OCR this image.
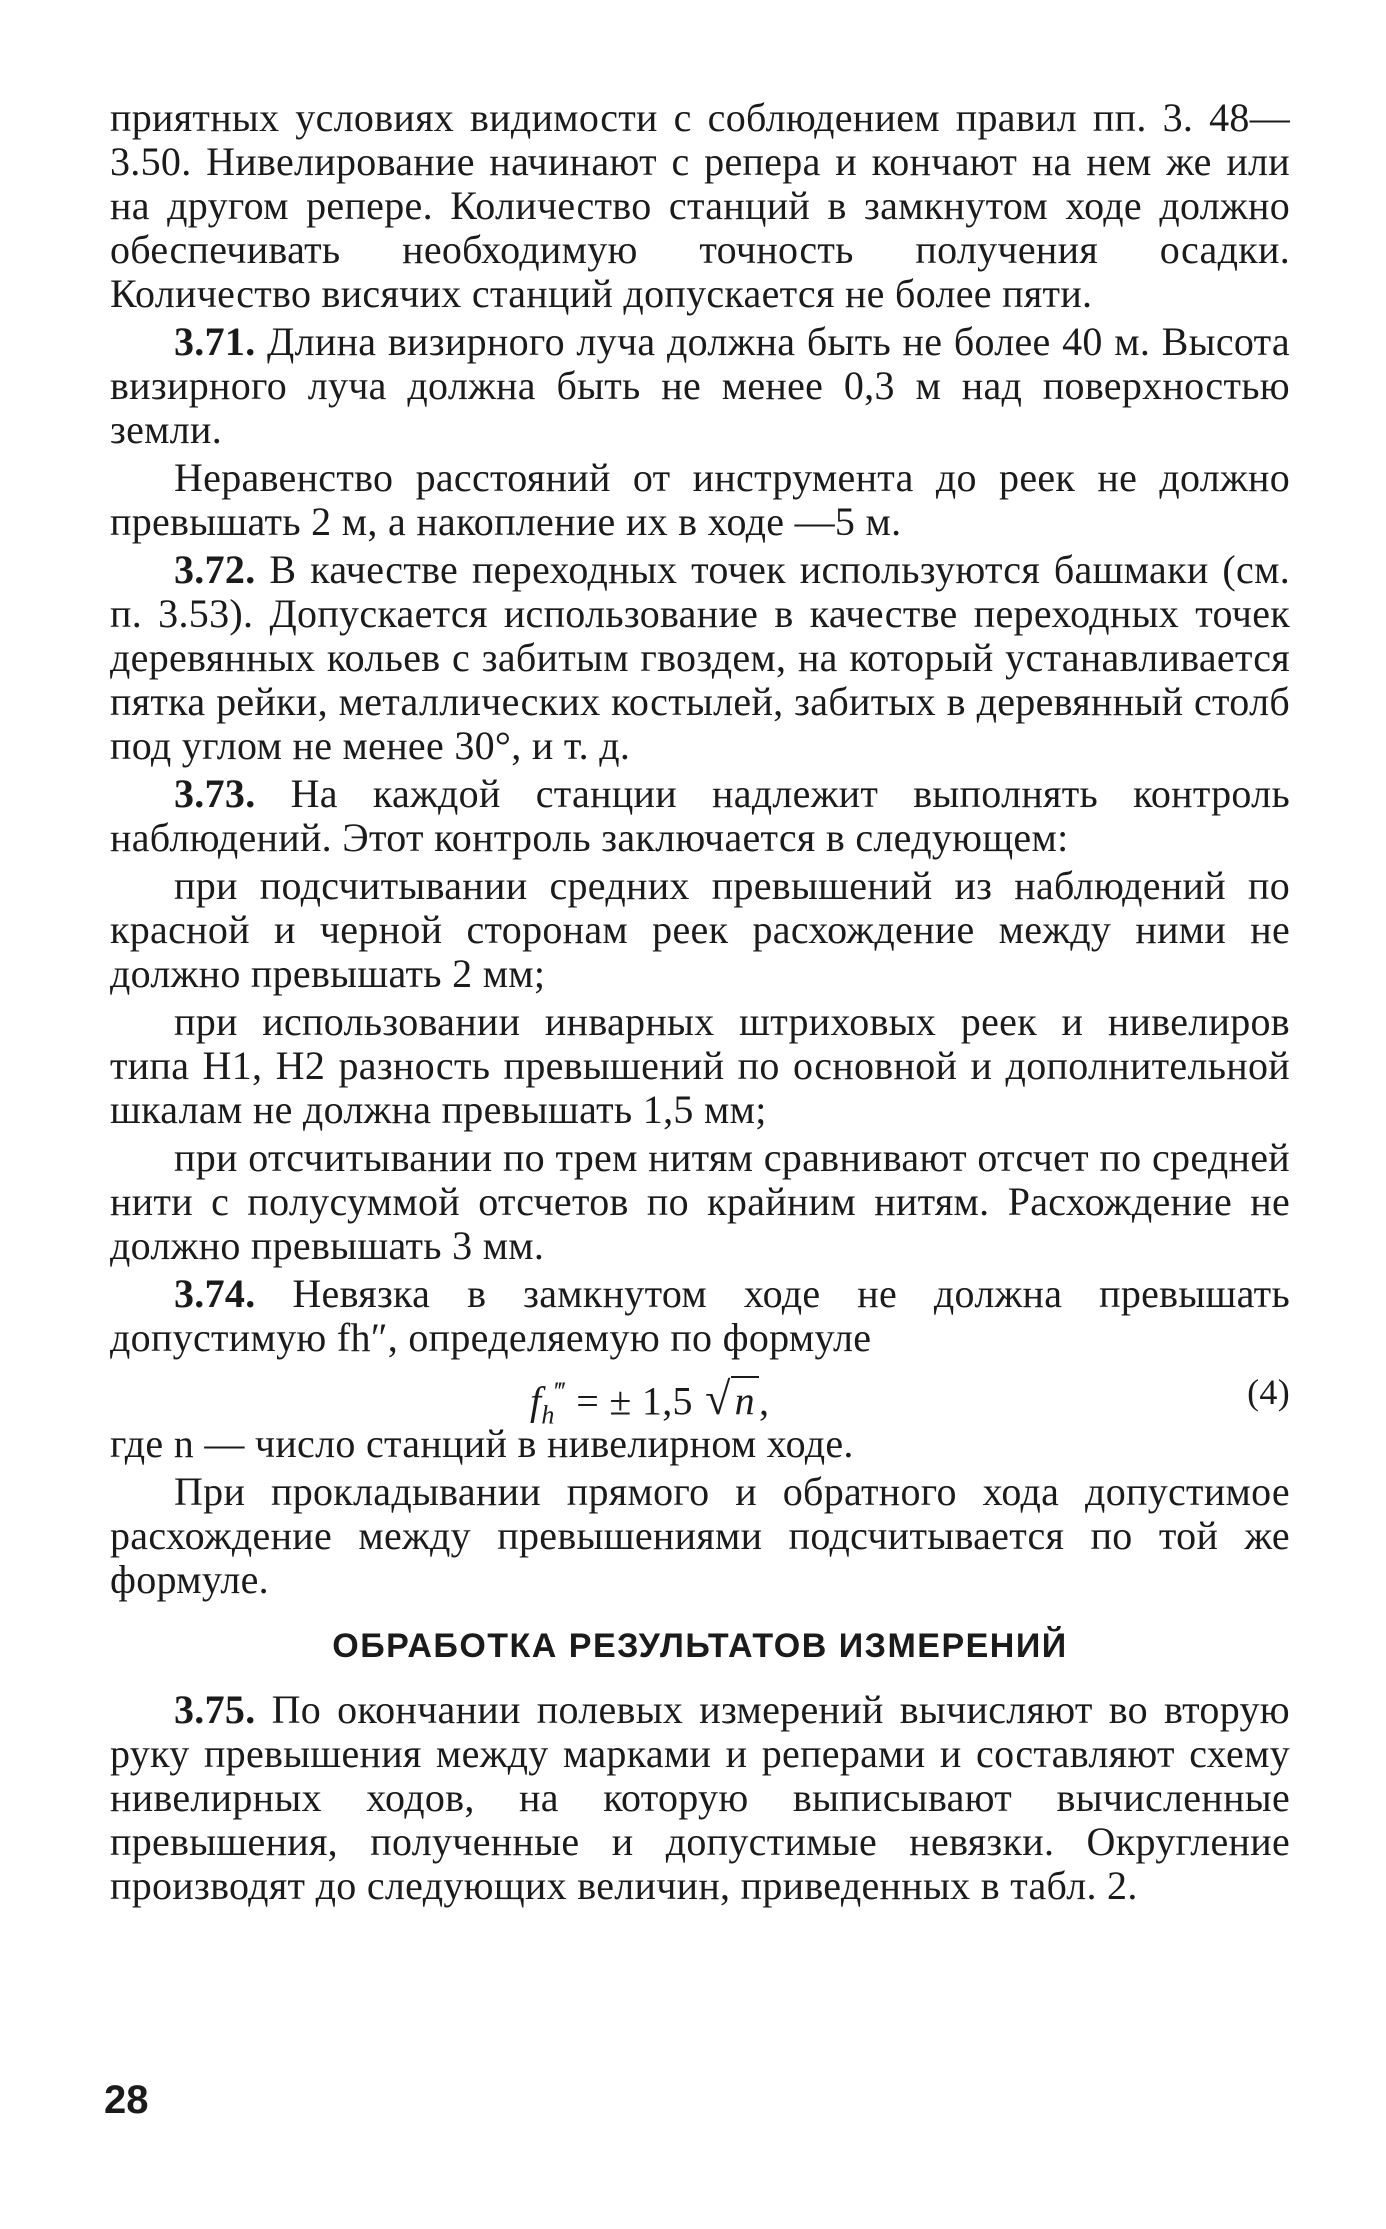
приятных условиях видимости с соблюдением правил пп. 3. 48—3.50. Нивелирование начинают с репера и кончают на нем же или на другом репере. Количество станций в замкнутом ходе должно обеспечивать необходимую точность получения осадки. Количество висячих станций допускается не более пяти.

3.71. Длина визирного луча должна быть не более 40 м. Высота визирного луча должна быть не менее 0,3 м над поверхностью земли.

Неравенство расстояний от инструмента до реек не должно превышать 2 м, а накопление их в ходе —5 м.

3.72. В качестве переходных точек используются башмаки (см. п. 3.53). Допускается использование в качестве переходных точек деревянных кольев с забитым гвоздем, на который устанавливается пятка рейки, металлических костылей, забитых в деревянный столб под углом не менее 30°, и т. д.

3.73. На каждой станции надлежит выполнять контроль наблюдений. Этот контроль заключается в следующем:

при подсчитывании средних превышений из наблюдений по красной и черной сторонам реек расхождение между ними не должно превышать 2 мм;

при использовании инварных штриховых реек и нивелиров типа Н1, Н2 разность превышений по основной и дополнительной шкалам не должна превышать 1,5 мм;

при отсчитывании по трем нитям сравнивают отсчет по средней нити с полусуммой отсчетов по крайним нитям. Расхождение не должно превышать 3 мм.

3.74. Невязка в замкнутом ходе не должна превышать допустимую fh″, определяемую по формуле

$f_h^‴$ = ± 1,5 √ n ,	(4)

где n — число станций в нивелирном ходе.

При прокладывании прямого и обратного хода допустимое расхождение между превышениями подсчитывается по той же формуле.

ОБРАБОТКА РЕЗУЛЬТАТОВ ИЗМЕРЕНИЙ

3.75. По окончании полевых измерений вычисляют во вторую руку превышения между марками и реперами и составляют схему нивелирных ходов, на которую выписывают вычисленные превышения, полученные и допустимые невязки. Округление производят до следующих величин, приведенных в табл. 2.

28
